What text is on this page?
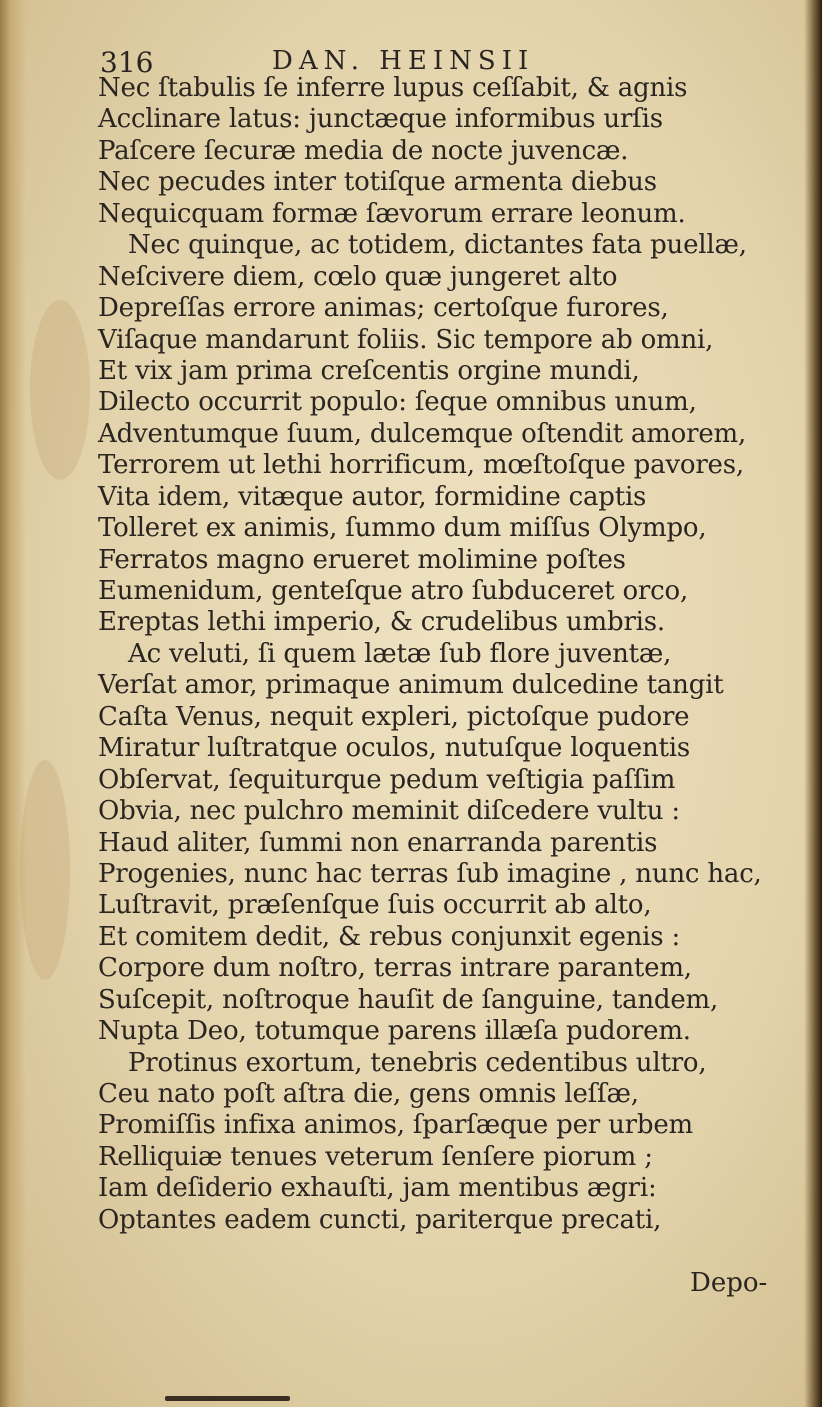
316	DAN. HEINSII
Nec ſtabulis ſe inferre lupus ceſſabit, & agnis
Acclinare latus: junctæque informibus urſis
Paſcere ſecuræ media de nocte juvencæ.
Nec pecudes inter totiſque armenta diebus
Nequicquam formæ ſævorum errare leonum.
Nec quinque, ac totidem, dictantes fata puellæ,
Neſcivere diem, cœlo quæ jungeret alto
Depreſſas errore animas; certoſque furores,
Viſaque mandarunt foliis. Sic tempore ab omni,
Et vix jam prima creſcentis orgine mundi,
Dilecto occurrit populo: ſeque omnibus unum,
Adventumque ſuum, dulcemque oſtendit amorem,
Terrorem ut lethi horrificum, mœſtoſque pavores,
Vita idem, vitæque autor, formidine captis
Tolleret ex animis, ſummo dum miſſus Olympo,
Ferratos magno erueret molimine poſtes
Eumenidum, genteſque atro ſubduceret orco,
Ereptas lethi imperio, & crudelibus umbris.
Ac veluti, ſi quem lætæ ſub flore juventæ,
Verſat amor, primaque animum dulcedine tangit
Caſta Venus, nequit expleri, pictoſque pudore
Miratur luſtratque oculos, nutuſque loquentis
Obſervat, ſequiturque pedum veſtigia paſſim
Obvia, nec pulchro meminit diſcedere vultu :
Haud aliter, ſummi non enarranda parentis
Progenies, nunc hac terras ſub imagine , nunc hac,
Luſtravit, præſenſque ſuis occurrit ab alto,
Et comitem dedit, & rebus conjunxit egenis :
Corpore dum noſtro, terras intrare parantem,
Suſcepit, noſtroque hauſit de ſanguine, tandem,
Nupta Deo, totumque parens illæſa pudorem.
Protinus exortum, tenebris cedentibus ultro,
Ceu nato poſt aſtra die, gens omnis leſſæ,
Promiſſis infixa animos, ſparſæque per urbem
Relliquiæ tenues veterum ſenſere piorum ;
Iam deſiderio exhauſti, jam mentibus ægri:
Optantes eadem cuncti, pariterque precati,
Depo-
